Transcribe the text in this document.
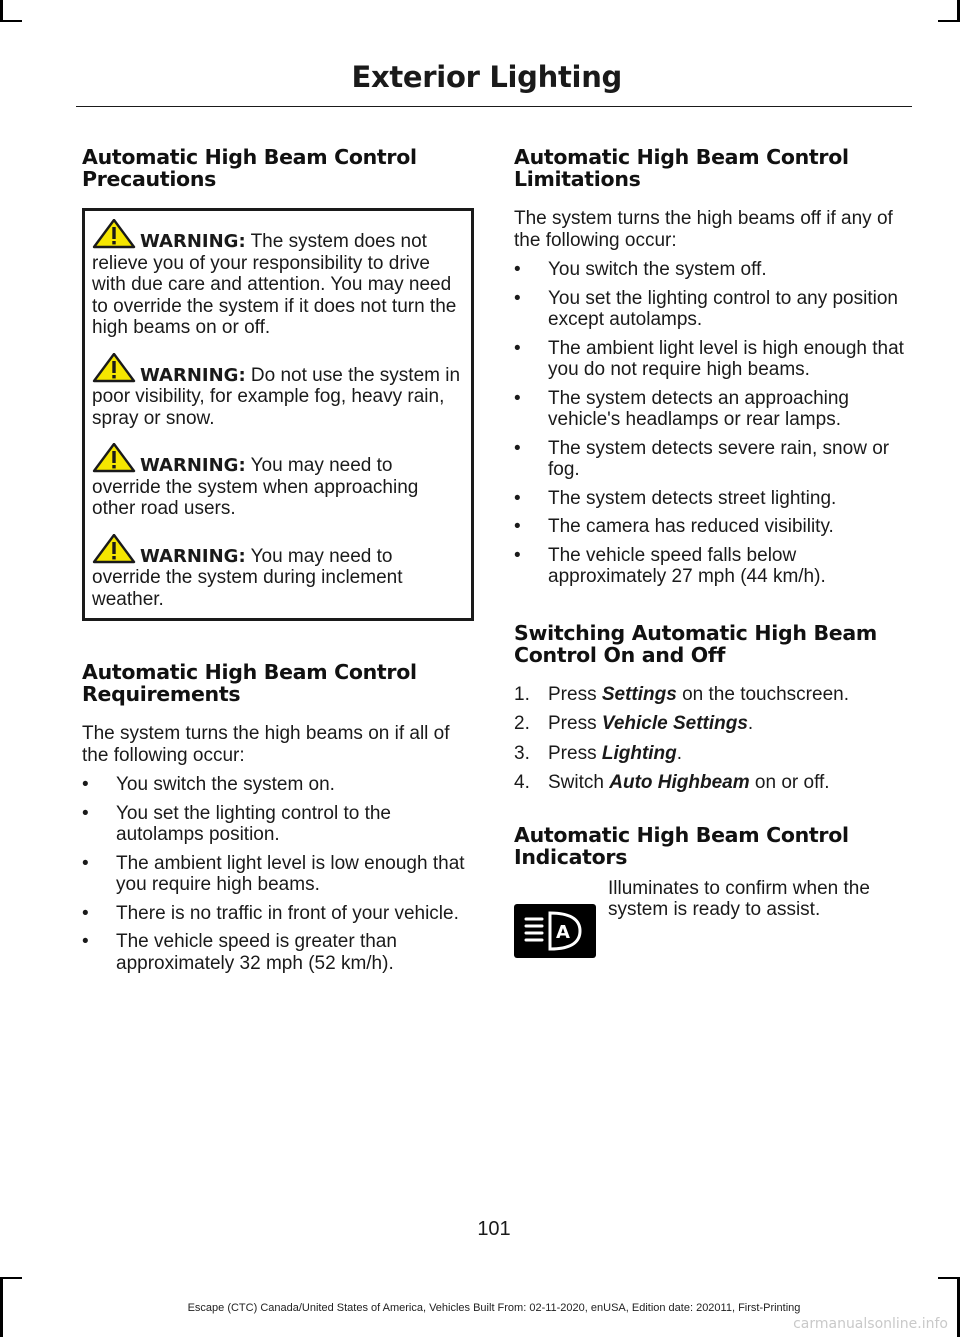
Exterior Lighting
Automatic High Beam Control Precautions
WARNING: The system does not relieve you of your responsibility to drive with due care and attention. You may need to override the system if it does not turn the high beams on or off.
WARNING: Do not use the system in poor visibility, for example fog, heavy rain, spray or snow.
WARNING: You may need to override the system when approaching other road users.
WARNING: You may need to override the system during inclement weather.
Automatic High Beam Control Requirements

The system turns the high beams on if all of the following occur:

• You switch the system on.
• You set the lighting control to the autolamps position.
• The ambient light level is low enough that you require high beams.
• There is no traffic in front of your vehicle.
• The vehicle speed is greater than approximately 32 mph (52 km/h).
Automatic High Beam Control Limitations

The system turns the high beams off if any of the following occur:

• You switch the system off.
• You set the lighting control to any position except autolamps.
• The ambient light level is high enough that you do not require high beams.
• The system detects an approaching vehicle's headlamps or rear lamps.
• The system detects severe rain, snow or fog.
• The system detects street lighting.
• The camera has reduced visibility.
• The vehicle speed falls below approximately 27 mph (44 km/h).
Switching Automatic High Beam Control On and Off
1. Press Settings on the touchscreen.
2. Press Vehicle Settings.
3. Press Lighting.
4. Switch Auto Highbeam on or off.
Automatic High Beam Control Indicators
A
Illuminates to confirm when the system is ready to assist.
101
Escape (CTC) Canada/United States of America, Vehicles Built From: 02-11-2020, enUSA, Edition date: 202011, First-Printing
carmanualsonline.info
